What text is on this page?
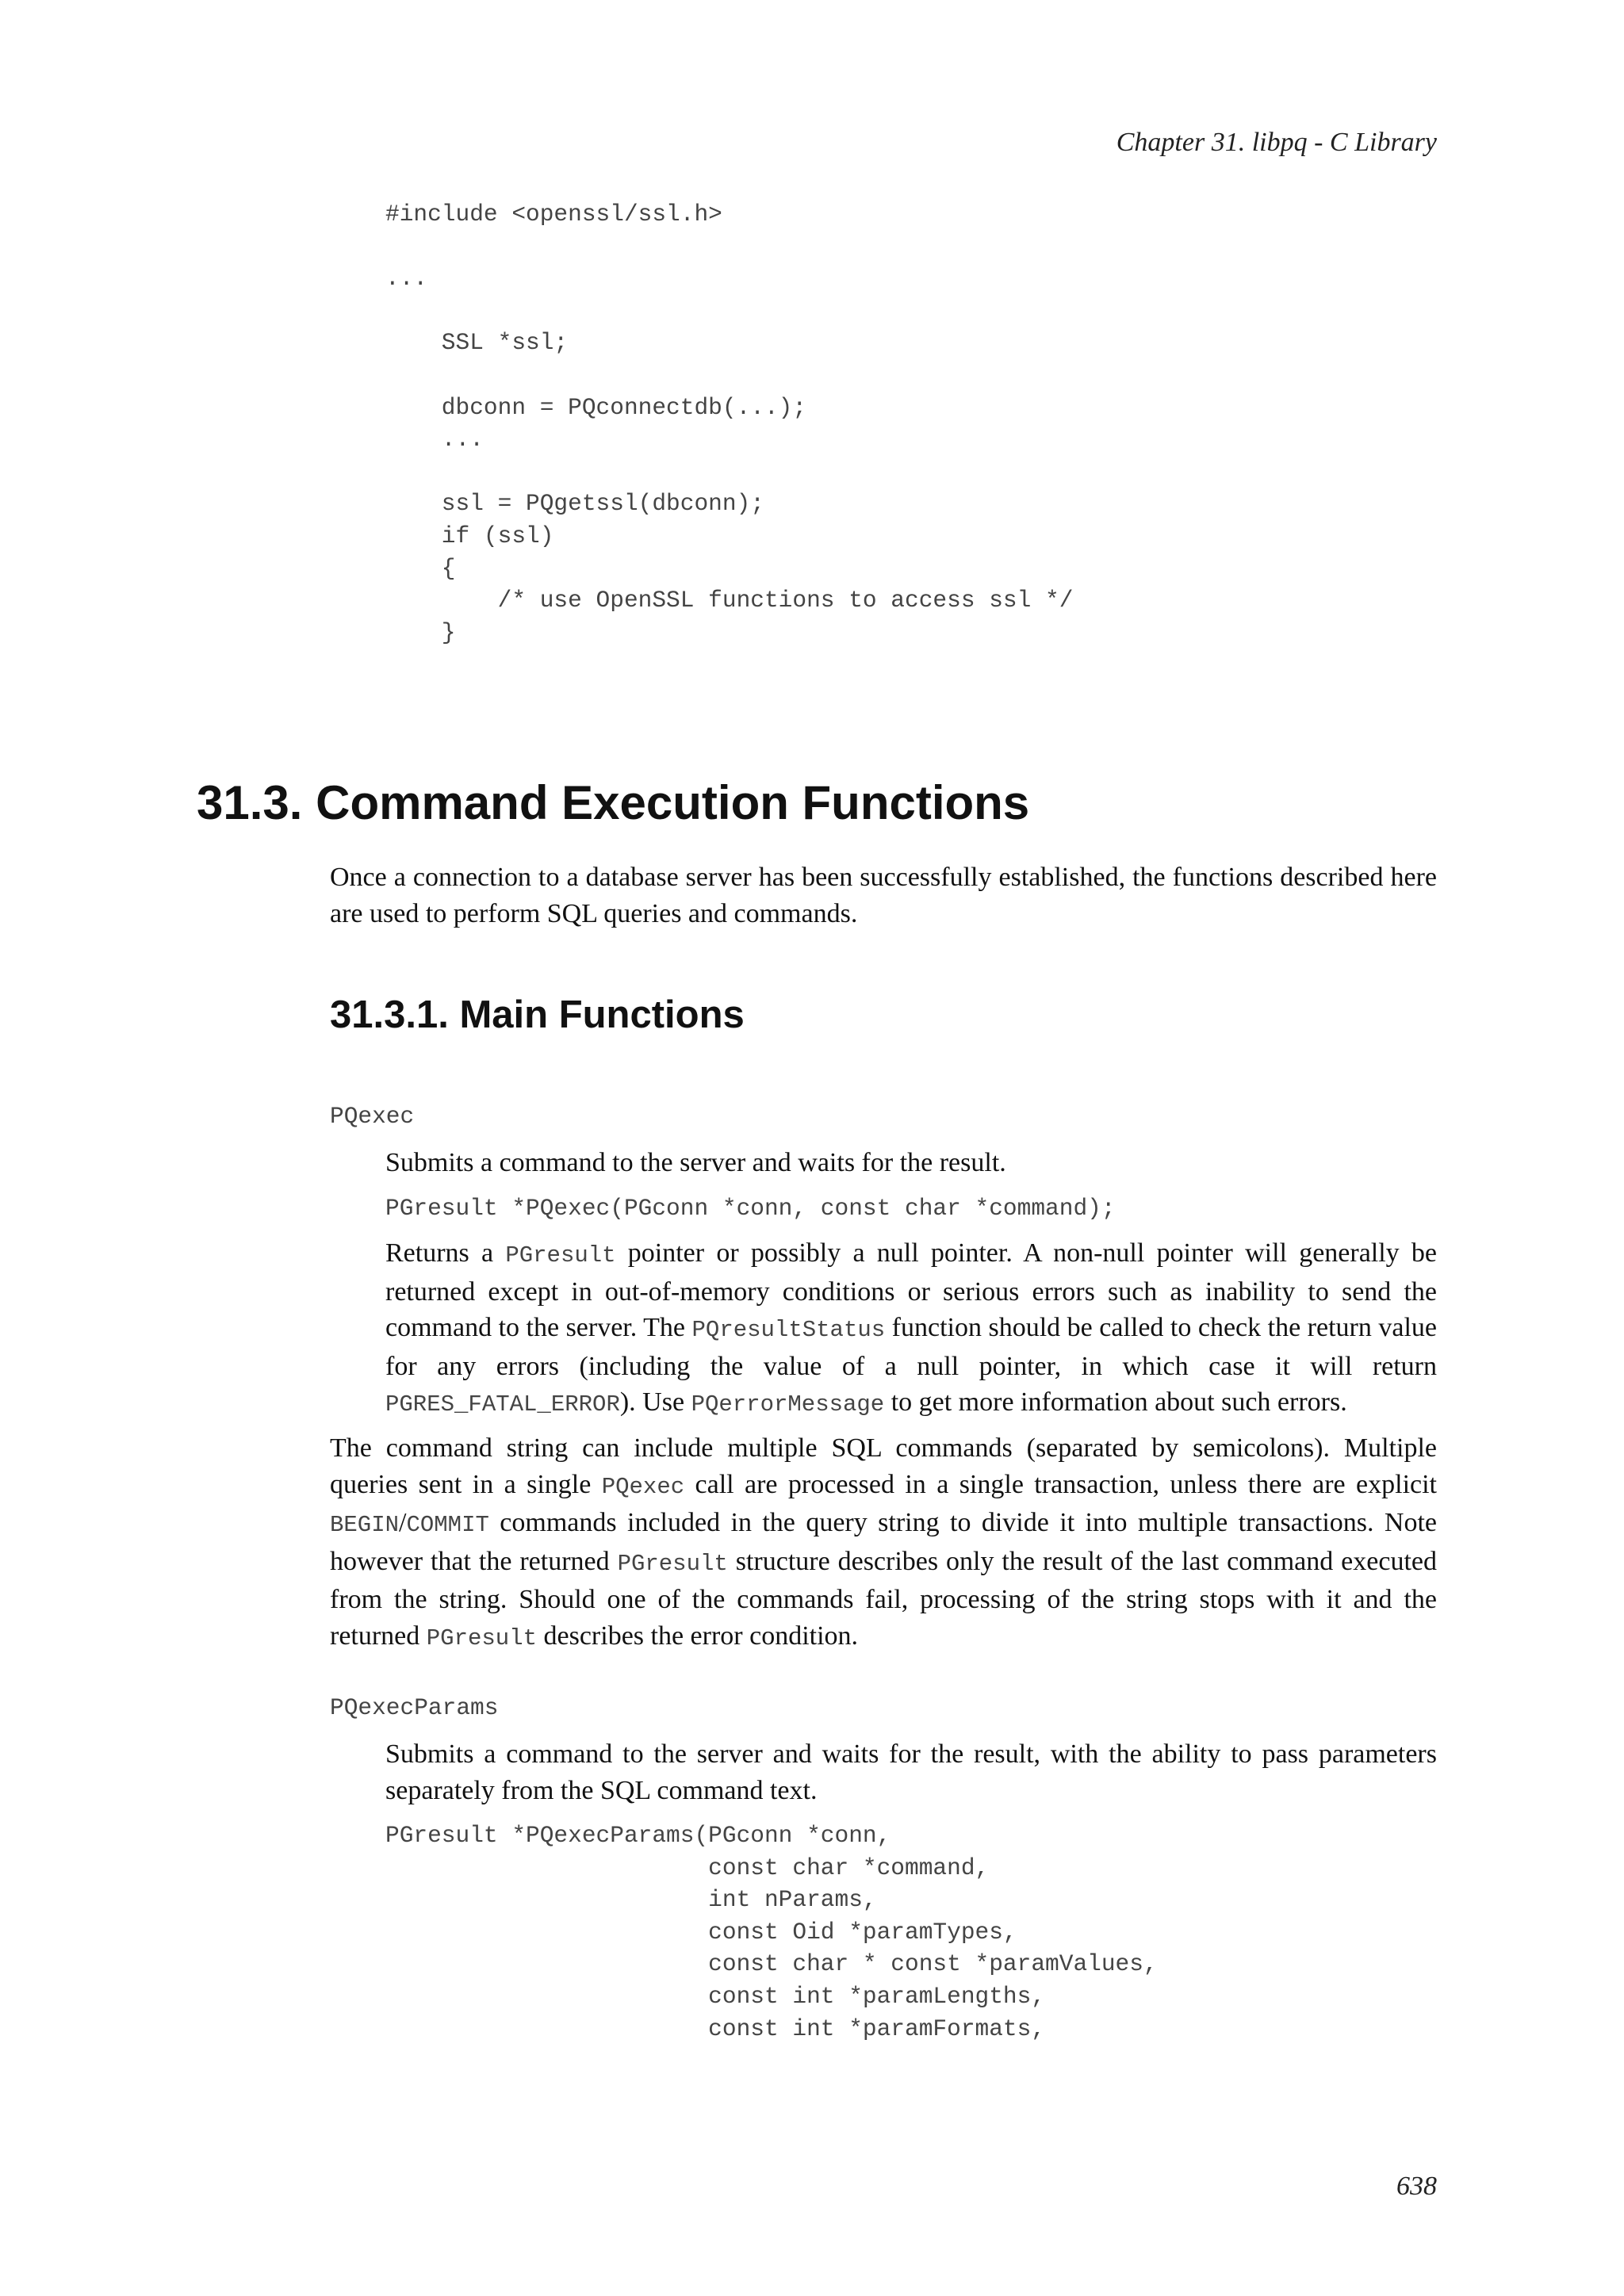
Chapter 31. libpq - C Library
#include <openssl/ssl.h>

...

SSL *ssl;

dbconn = PQconnectdb(...);
...

ssl = PQgetssl(dbconn);
if (ssl)
{
/* use OpenSSL functions to access ssl */
}
31.3. Command Execution Functions

Once a connection to a database server has been successfully established, the functions described here are used to perform SQL queries and commands.

31.3.1. Main Functions
PQexec

Submits a command to the server and waits for the result.

PGresult *PQexec(PGconn *conn, const char *command);

Returns a PGresult pointer or possibly a null pointer. A non-null pointer will generally be returned except in out-of-memory conditions or serious errors such as inability to send the command to the server. The PQresultStatus function should be called to check the return value for any errors (including the value of a null pointer, in which case it will return PGRES_FATAL_ERROR). Use PQerrorMessage to get more information about such errors.

The command string can include multiple SQL commands (separated by semicolons). Multiple queries sent in a single PQexec call are processed in a single transaction, unless there are explicit BEGIN/COMMIT commands included in the query string to divide it into multiple transactions. Note however that the returned PGresult structure describes only the result of the last command executed from the string. Should one of the commands fail, processing of the string stops with it and the returned PGresult describes the error condition.

PQexecParams

Submits a command to the server and waits for the result, with the ability to pass parameters separately from the SQL command text.

PGresult *PQexecParams(PGconn *conn,
const char *command,
int nParams,
const Oid *paramTypes,
const char * const *paramValues,
const int *paramLengths,
const int *paramFormats,
638
